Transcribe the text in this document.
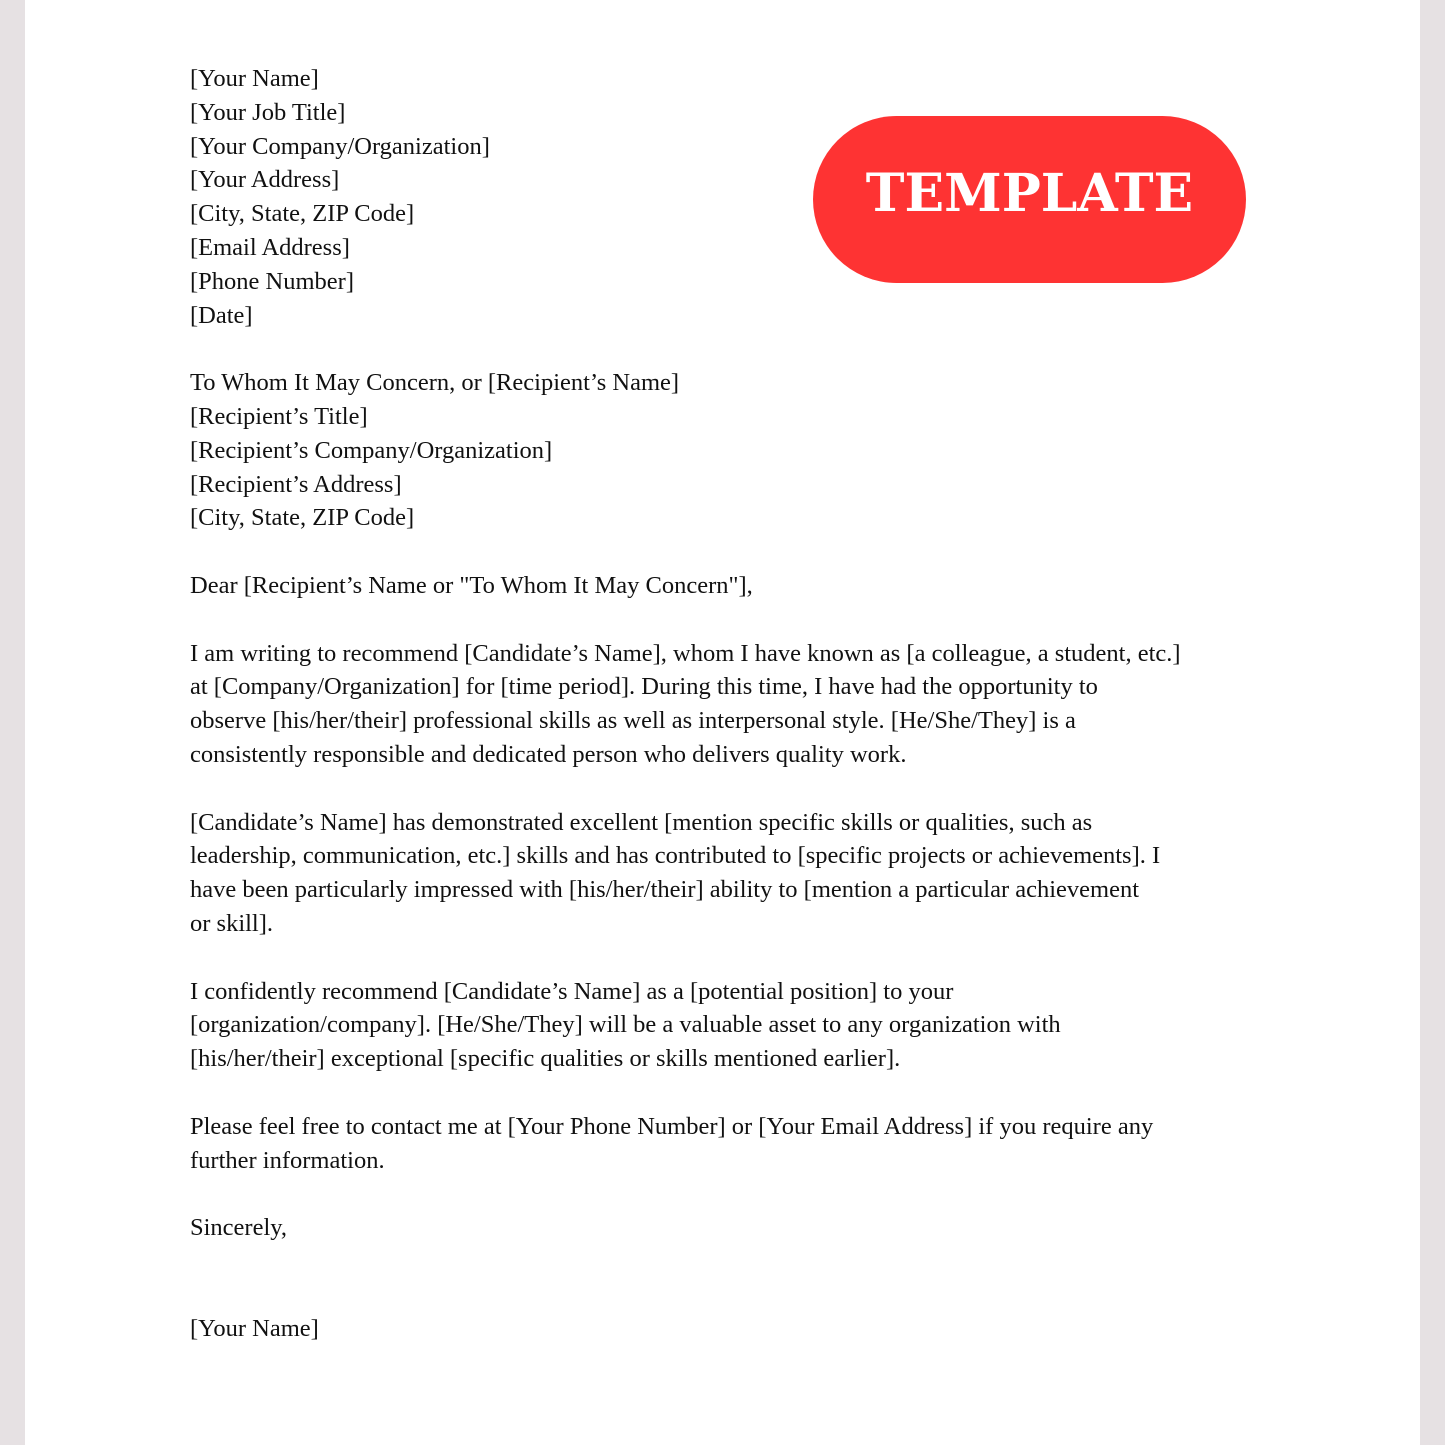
TEMPLATE
[Your Name]
[Your Job Title]
[Your Company/Organization]
[Your Address]
[City, State, ZIP Code]
[Email Address]
[Phone Number]
[Date]
To Whom It May Concern, or [Recipient’s Name]
[Recipient’s Title]
[Recipient’s Company/Organization]
[Recipient’s Address]
[City, State, ZIP Code]
Dear [Recipient’s Name or "To Whom It May Concern"],
I am writing to recommend [Candidate’s Name], whom I have known as [a colleague, a student, etc.]
at [Company/Organization] for [time period]. During this time, I have had the opportunity to
observe [his/her/their] professional skills as well as interpersonal style. [He/She/They] is a
consistently responsible and dedicated person who delivers quality work.
[Candidate’s Name] has demonstrated excellent [mention specific skills or qualities, such as
leadership, communication, etc.] skills and has contributed to [specific projects or achievements]. I
have been particularly impressed with [his/her/their] ability to [mention a particular achievement
or skill].
I confidently recommend [Candidate’s Name] as a [potential position] to your
[organization/company]. [He/She/They] will be a valuable asset to any organization with
[his/her/their] exceptional [specific qualities or skills mentioned earlier].
Please feel free to contact me at [Your Phone Number] or [Your Email Address] if you require any
further information.
Sincerely,
[Your Name]
